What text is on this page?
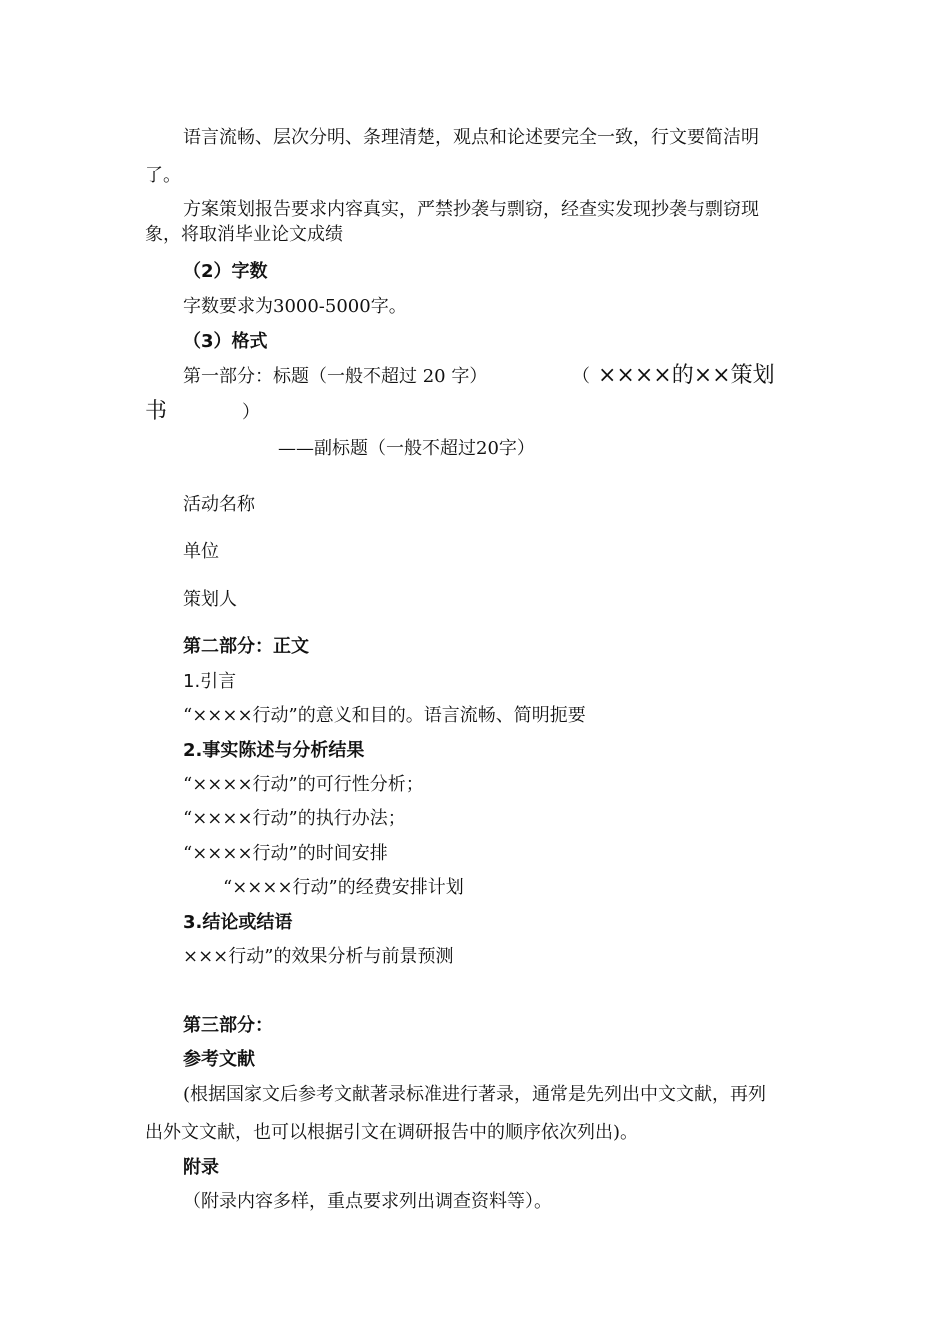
语言流畅、层次分明、条理清楚，观点和论述要完全一致，行文要简洁明
了。
方案策划报告要求内容真实，严禁抄袭与剽窃，经查实发现抄袭与剽窃现
象，将取消毕业论文成绩
（2）字数
字数要求为3000-5000字。
（3）格式
第一部分：标题（一般不超过 20 字）	（ ××××的××策划
书	）
——副标题（一般不超过20字）
活动名称
单位
策划人
第二部分：正文
1.引言
“××××行动”的意义和目的。语言流畅、简明扼要
2.事实陈述与分析结果
“××××行动”的可行性分析；
“××××行动”的执行办法；
“××××行动”的时间安排
“××××行动”的经费安排计划
3.结论或结语
×××行动”的效果分析与前景预测
第三部分：
参考文献
(根据国家文后参考文献著录标准进行著录，通常是先列出中文文献，再列
出外文文献，也可以根据引文在调研报告中的顺序依次列出)。
附录
（附录内容多样，重点要求列出调查资料等）。
